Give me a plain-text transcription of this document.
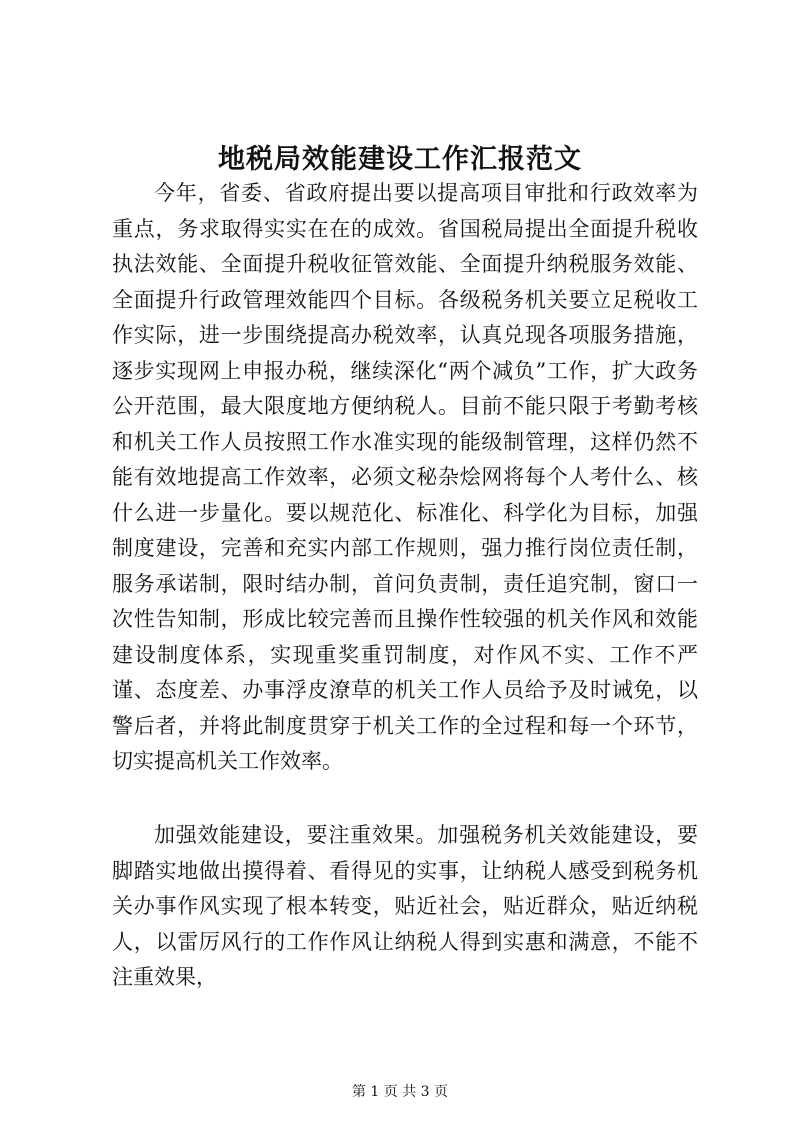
地税局效能建设工作汇报范文

今年，省委、省政府提出要以提高项目审批和行政效率为重点，务求取得实实在在的成效。省国税局提出全面提升税收执法效能、全面提升税收征管效能、全面提升纳税服务效能、全面提升行政管理效能四个目标。各级税务机关要立足税收工作实际，进一步围绕提高办税效率，认真兑现各项服务措施，逐步实现网上申报办税，继续深化“两个减负”工作，扩大政务公开范围，最大限度地方便纳税人。目前不能只限于考勤考核和机关工作人员按照工作水准实现的能级制管理，这样仍然不能有效地提高工作效率，必须文秘杂烩网将每个人考什么、核什么进一步量化。要以规范化、标准化、科学化为目标，加强制度建设，完善和充实内部工作规则，强力推行岗位责任制，服务承诺制，限时结办制，首问负责制，责任追究制，窗口一次性告知制，形成比较完善而且操作性较强的机关作风和效能建设制度体系，实现重奖重罚制度，对作风不实、工作不严谨、态度差、办事浮皮潦草的机关工作人员给予及时诫免，以警后者，并将此制度贯穿于机关工作的全过程和每一个环节，切实提高机关工作效率。

加强效能建设，要注重效果。加强税务机关效能建设，要脚踏实地做出摸得着、看得见的实事，让纳税人感受到税务机关办事作风实现了根本转变，贴近社会，贴近群众，贴近纳税人，以雷厉风行的工作作风让纳税人得到实惠和满意，不能不注重效果，

第 1 页 共 3 页
